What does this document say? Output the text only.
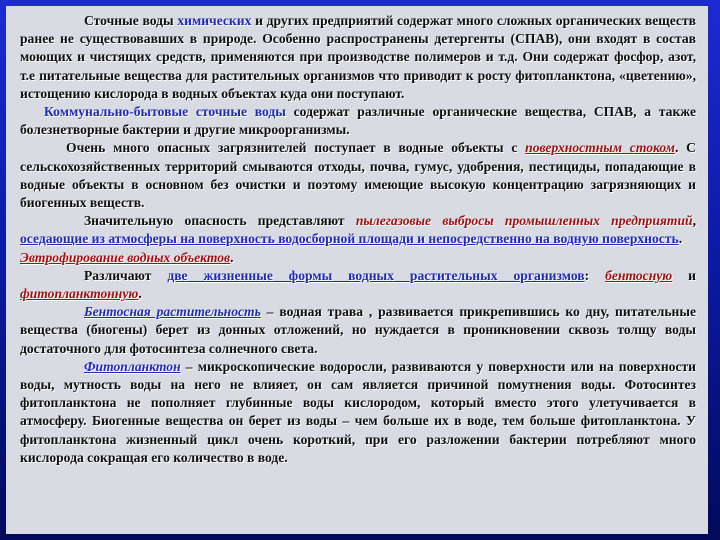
Сточные воды химических и других предприятий содержат много сложных органических веществ ранее не существовавших в природе. Особенно распространены детергенты (СПАВ), они входят в состав моющих и чистящих средств, применяются при производстве полимеров и т.д. Они содержат фосфор, азот, т.е питательные вещества для растительных организмов что приводит к росту фитопланктона, «цветению», истощению кислорода в водных объектах куда они поступают.

Коммунально-бытовые сточные воды содержат различные органические вещества, СПАВ, а также болезнетворные бактерии и другие микроорганизмы.

Очень много опасных загрязнителей поступает в водные объекты с поверхностным стоком. С сельскохозяйственных территорий смываются отходы, почва, гумус, удобрения, пестициды, попадающие в водные объекты в основном без очистки и поэтому имеющие высокую концентрацию загрязняющих и биогенных веществ.

Значительную опасность представляют пылегазовые выбросы промышленных предприятий, оседающие из атмосферы на поверхность водосборной площади и непосредственно на водную поверхность.

Эвтрофирование водных объектов.

Различают две жизненные формы водных растительных организмов: бентосную и фитопланктонную.

Бентосная растительность – водная трава , развивается прикрепившись ко дну, питательные вещества (биогены) берет из донных отложений, но нуждается в проникновении сквозь толщу воды достаточного для фотосинтеза солнечного света.

Фитопланктон – микроскопические водоросли, развиваются у поверхности или на поверхности воды, мутность воды на него не влияет, он сам является причиной помутнения воды. Фотосинтез фитопланктона не пополняет глубинные воды кислородом, который вместо этого улетучивается в атмосферу. Биогенные вещества он берет из воды – чем больше их в воде, тем больше фитопланктона. У фитопланктона жизненный цикл очень короткий, при его разложении бактерии потребляют много кислорода сокращая его количество в воде.
